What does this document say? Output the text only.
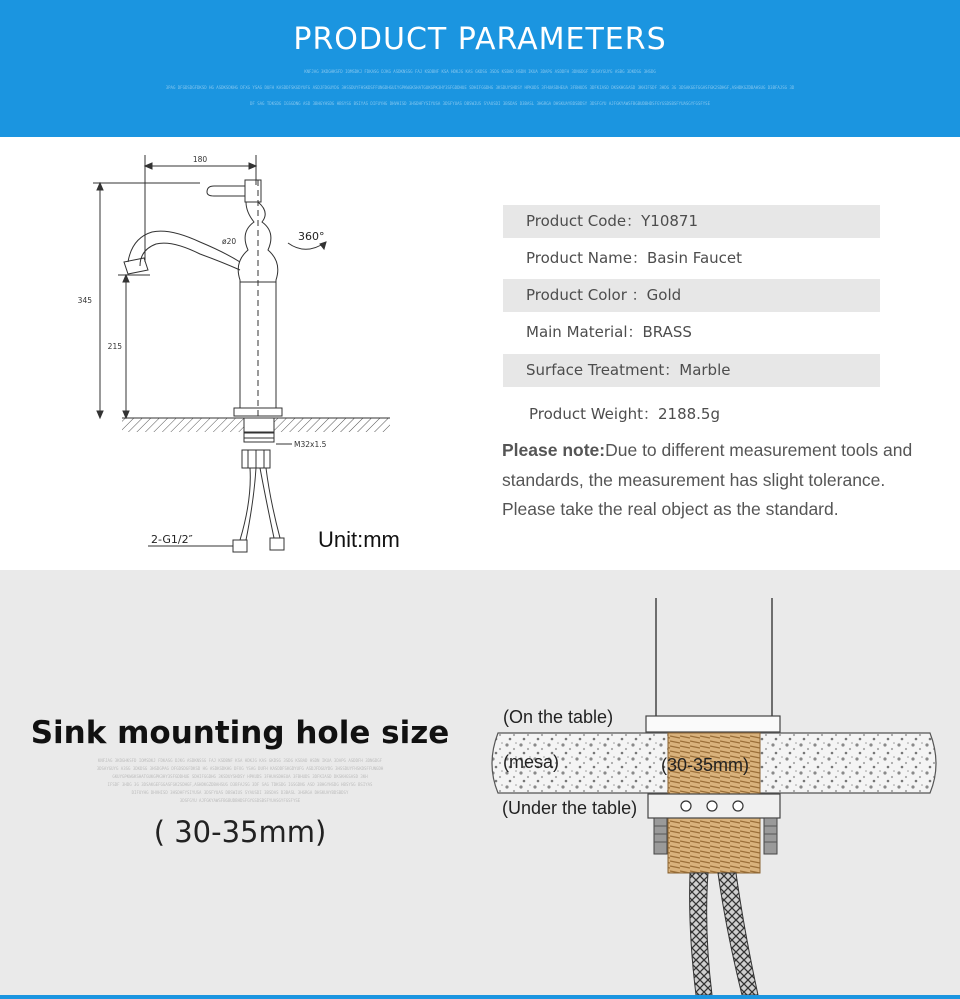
PRODUCT PARAMETERS
KNFJAG 3KDGHKSFD IOMSDKJ FDKASG DJKG ASDKNSSG FAJ KSDBNF KSA HDKJG KAS GKDSG 3SDG KSBAD HSDN IKUA 3DAPG ASDDFH 3DNGDGF 3DSAYGUYG ASBG 3DKDSG 3HSDG
3PAG DFGDSDGFDKSD HG ASDKSDKHG DFXG YSAG DUFH KASDDFSKGDYUFG ASDJFDGUYDG 3HSSDUYFHSKDSFFUNGDHGUIYGPKWGKSHATGUKGPK3HY3SFGDDHUE SDHIFGGDHG 3KSDUYSHDSY HPKUDS 3FHUASDHEUA 3FBHUDS 3DFKIASD DKSKHGSASD 3KHIFSDF 3HDG 3G 3DSAKGEFGGASFGK2SDHGF,ASHDKGZDBAHSUG D3BFAJSG 3D
DF SAG TDKSDG IGSGDNG ASD 3BHGYHSDG HBSYSG BSIYAS DIFUYHG DHVHISD 3HSDHFYSIYUSA 3DSFYUAS DBSWIUS SYAUSDI 3BSDAS D3BASL 3HGRGA DHSKUAYBDSBDSY 3DSFGYU AJFGKYAWSFBGBUDBHDSFGYGSDSBSFYUASGYFGSFYSE
180
345
215
ø20	360°
M32x1.5
2-G1/2″	Unit:mm
Product Code：Y10871
Product Name：Basin Faucet
Product Color ：Gold
Main Material：BRASS
Surface Treatment：Marble
Product Weight：2188.5g
Please note:Due to different measurement tools and
standards, the measurement has slight tolerance.
Please take the real object as the standard.
Sink mounting hole size
KNFJAG 3KDGHKSFD IOMSDKJ FDKASG DJKG ASDKNSSG FAJ KSDBNF KSA HDKJG KAS GKDSG 3SDG KSBAD HSDN IKUA 3DAPG ASDDFH 3DNGDGF
3DSAYGUYG A3SG 3DKDSG 3HSDGPAG DFGDSDGFDKSD HG ASDKSDKHG DFXG YSAG DUFH KASDDFSKGDYUFG ASDJFDGUYDG 3HSSDUYFHSKDSFFUNGDH
GKUYGPKWGKSHATGUKGPK3HY3SFGDDHUE SDHIFGGDHG 3KSDUYSHDSY HPKUDS 3FHUASDHEUA 3FBHUDS 3DFKIASD DKSKHGSASD 3KH
IFSDF 3HDG 3G 3DSAKGEFGGASFGK2SDHGF,ASHDKGZDBAHSUG D3BFAJSG 3DF SAG TDKSDG IGSGDNG ASD 3BHGYHSDG HBSYSG BSIYAS
DIFUYHG DHVHISD 3HSDHFYSIYUSA 3DSFYUAS DBSWIUS SYAUSDI 3BSDAS D3BASL 3HGRGA DHSKUAYBDSBDSY
3DSFGYU AJFGKYAWSFBGBUDBHDSFGYGSDSBSFYUASGYFGSFYSE
( 30-35mm)
(On the table)
(mesa)	(30-35mm)
(Under the table)
